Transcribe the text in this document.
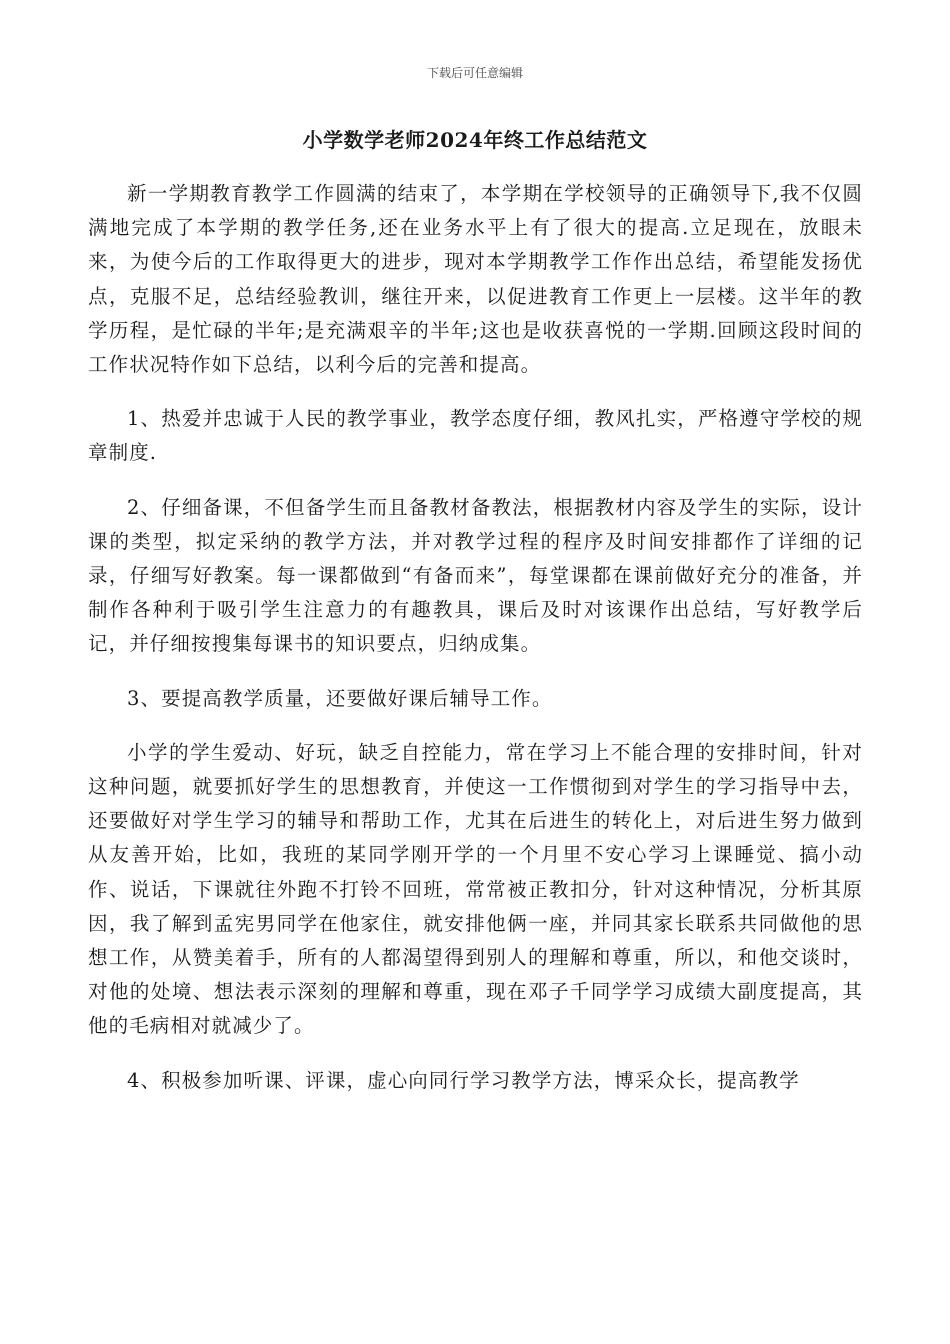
下载后可任意编辑
小学数学老师2024年终工作总结范文

新一学期教育教学工作圆满的结束了，本学期在学校领导的正确领导下,我不仅圆满地完成了本学期的教学任务,还在业务水平上有了很大的提高.立足现在，放眼未来，为使今后的工作取得更大的进步，现对本学期教学工作作出总结，希望能发扬优点，克服不足，总结经验教训，继往开来，以促进教育工作更上一层楼。这半年的教学历程，是忙碌的半年;是充满艰辛的半年;这也是收获喜悦的一学期.回顾这段时间的工作状况特作如下总结，以利今后的完善和提高。

1、热爱并忠诚于人民的教学事业，教学态度仔细，教风扎实，严格遵守学校的规章制度.

2、仔细备课，不但备学生而且备教材备教法，根据教材内容及学生的实际，设计课的类型，拟定采纳的教学方法，并对教学过程的程序及时间安排都作了详细的记录，仔细写好教案。每一课都做到“有备而来”，每堂课都在课前做好充分的准备，并制作各种利于吸引学生注意力的有趣教具，课后及时对该课作出总结，写好教学后记，并仔细按搜集每课书的知识要点，归纳成集。

3、要提高教学质量，还要做好课后辅导工作。

小学的学生爱动、好玩，缺乏自控能力，常在学习上不能合理的安排时间，针对这种问题，就要抓好学生的思想教育，并使这一工作惯彻到对学生的学习指导中去，还要做好对学生学习的辅导和帮助工作，尤其在后进生的转化上，对后进生努力做到从友善开始，比如，我班的某同学刚开学的一个月里不安心学习上课睡觉、搞小动作、说话，下课就往外跑不打铃不回班，常常被正教扣分，针对这种情况，分析其原因，我了解到孟宪男同学在他家住，就安排他俩一座，并同其家长联系共同做他的思想工作，从赞美着手，所有的人都渴望得到别人的理解和尊重，所以，和他交谈时，对他的处境、想法表示深刻的理解和尊重，现在邓子千同学学习成绩大副度提高，其他的毛病相对就减少了。

4、积极参加听课、评课，虚心向同行学习教学方法，博采众长，提高教学
